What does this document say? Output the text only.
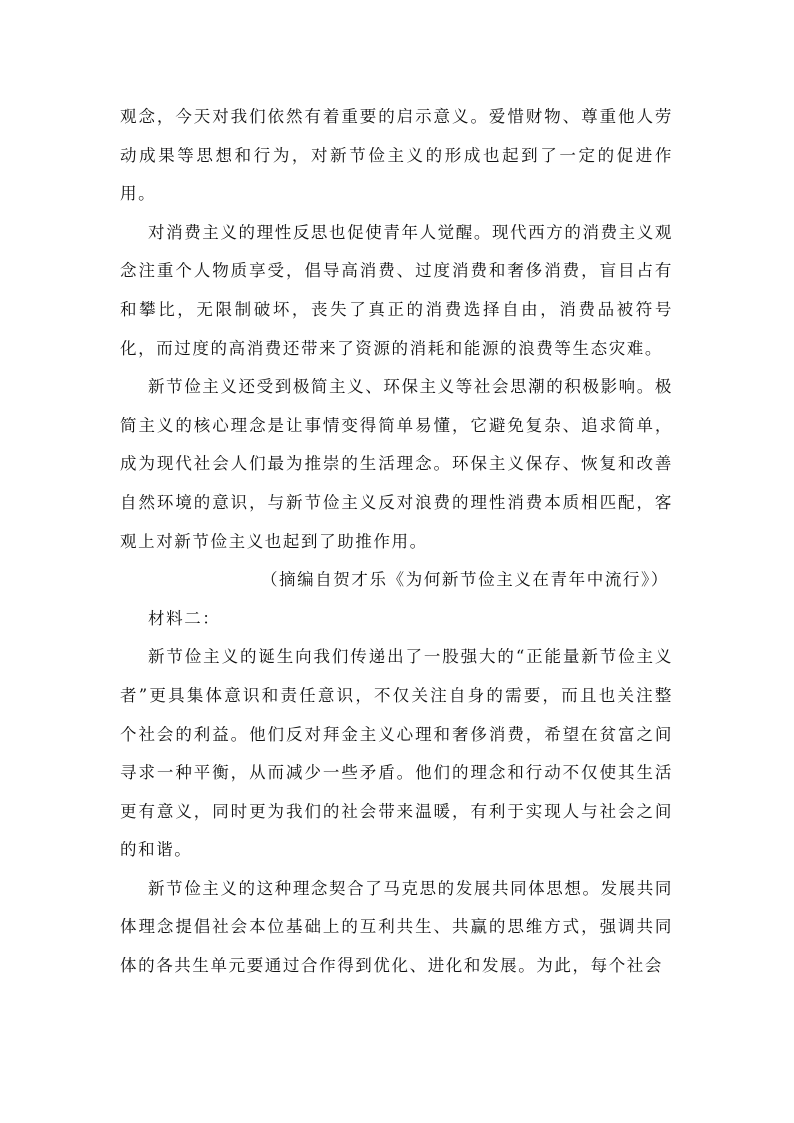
观念，今天对我们依然有着重要的启示意义。爱惜财物、尊重他人劳动成果等思想和行为，对新节俭主义的形成也起到了一定的促进作用。

对消费主义的理性反思也促使青年人觉醒。现代西方的消费主义观念注重个人物质享受，倡导高消费、过度消费和奢侈消费，盲目占有和攀比，无限制破坏，丧失了真正的消费选择自由，消费品被符号化，而过度的高消费还带来了资源的消耗和能源的浪费等生态灾难。

新节俭主义还受到极简主义、环保主义等社会思潮的积极影响。极简主义的核心理念是让事情变得简单易懂，它避免复杂、追求简单，成为现代社会人们最为推崇的生活理念。环保主义保存、恢复和改善自然环境的意识，与新节俭主义反对浪费的理性消费本质相匹配，客观上对新节俭主义也起到了助推作用。

（摘编自贺才乐《为何新节俭主义在青年中流行》）

材料二：

新节俭主义的诞生向我们传递出了一股强大的“正能量新节俭主义者”更具集体意识和责任意识，不仅关注自身的需要，而且也关注整个社会的利益。他们反对拜金主义心理和奢侈消费，希望在贫富之间寻求一种平衡，从而减少一些矛盾。他们的理念和行动不仅使其生活更有意义，同时更为我们的社会带来温暖，有利于实现人与社会之间的和谐。

新节俭主义的这种理念契合了马克思的发展共同体思想。发展共同体理念提倡社会本位基础上的互利共生、共赢的思维方式，强调共同体的各共生单元要通过合作得到优化、进化和发展。为此，每个社会
